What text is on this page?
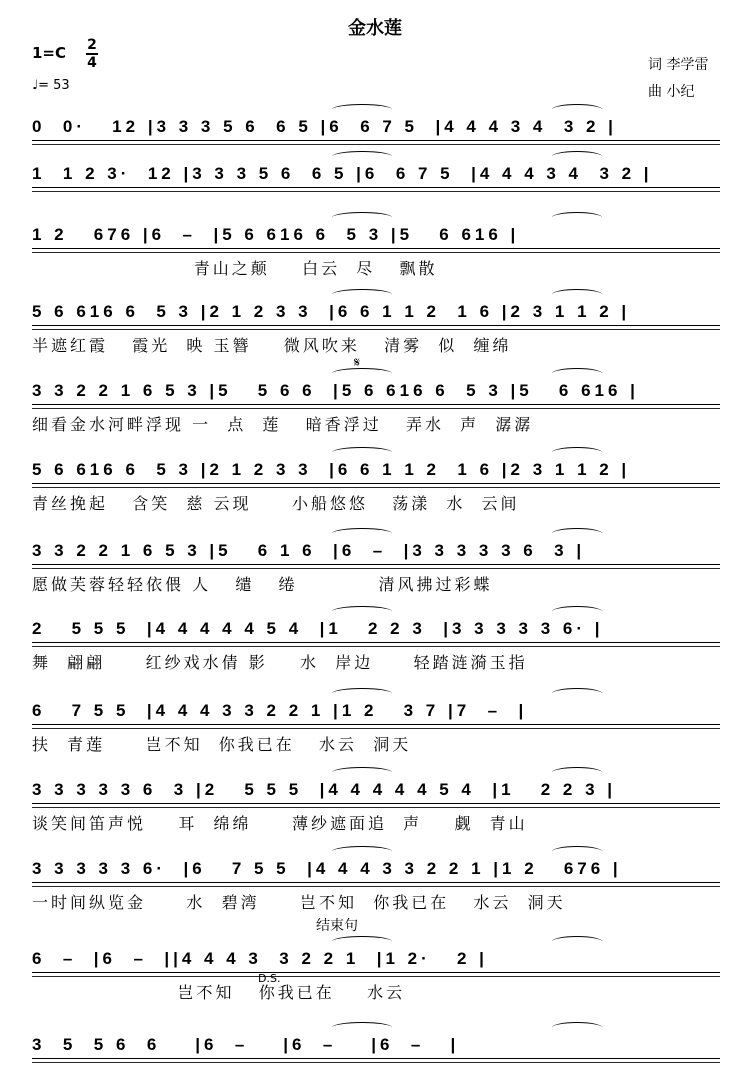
金水莲
1=C 2
4
♩= 53
词 李学雷
曲 小纪
0  0·   12 |3 3 3 5 6  6 5 |6  6 7 5  |4 4 4 3 4  3 2 |
1  1 2 3·  12 |3 3 3 5 6  6 5 |6  6 7 5  |4 4 4 3 4  3 2 |
1 2   676 |6  –  |5 6 616 6  5 3 |5   6 616 |
青山之颠    白云  尽   飘散
5 6 616 6  5 3 |2 1 2 3 3  |6 6 1 1 2  1 6 |2 3 1 1 2 |
半遮红霞   霞光  映 玉簪    微风吹来   清雾  似  缠绵
3 3 2 2 1 6 5 3 |5   5 6 6  |5 6 616 6  5 3 |5   6 616 |
细看金水河畔浮现 一  点  莲   暗香浮过   弄水  声  潺潺
5 6 616 6  5 3 |2 1 2 3 3  |6 6 1 1 2  1 6 |2 3 1 1 2 |
青丝挽起   含笑  慈 云现     小船悠悠   荡漾  水  云间
3 3 2 2 1 6 5 3 |5   6 1 6  |6  –  |3 3 3 3 3 6  3 |
愿做芙蓉轻轻依偎 人   缱   绻          清风拂过彩蝶
2   5 5 5  |4 4 4 4 4 5 4  |1   2 2 3  |3 3 3 3 3 6· |
舞  翩翩     红纱戏水倩 影    水  岸边     轻踏涟漪玉指
6   7 5 5  |4 4 4 3 3 2 2 1 |1 2   3 7 |7  –  |
扶  青莲     岂不知  你我已在   水云  洞天
3 3 3 3 3 6  3 |2   5 5 5  |4 4 4 4 4 5 4  |1   2 2 3 |
谈笑间笛声悦    耳  绵绵     薄纱遮面追  声    觑  青山
3 3 3 3 3 6·  |6   7 5 5  |4 4 4 3 3 2 2 1 |1 2   676 |
一时间纵览金     水  碧湾     岂不知  你我已在   水云  洞天
6  –  |6  –  ||4 4 4 3  3 2 2 1  |1 2·   2 |
岂不知   你我已在    水云
3  5  5 6  6    |6  –    |6  –    |6  –   |
𝄋
结束句
D.S.
